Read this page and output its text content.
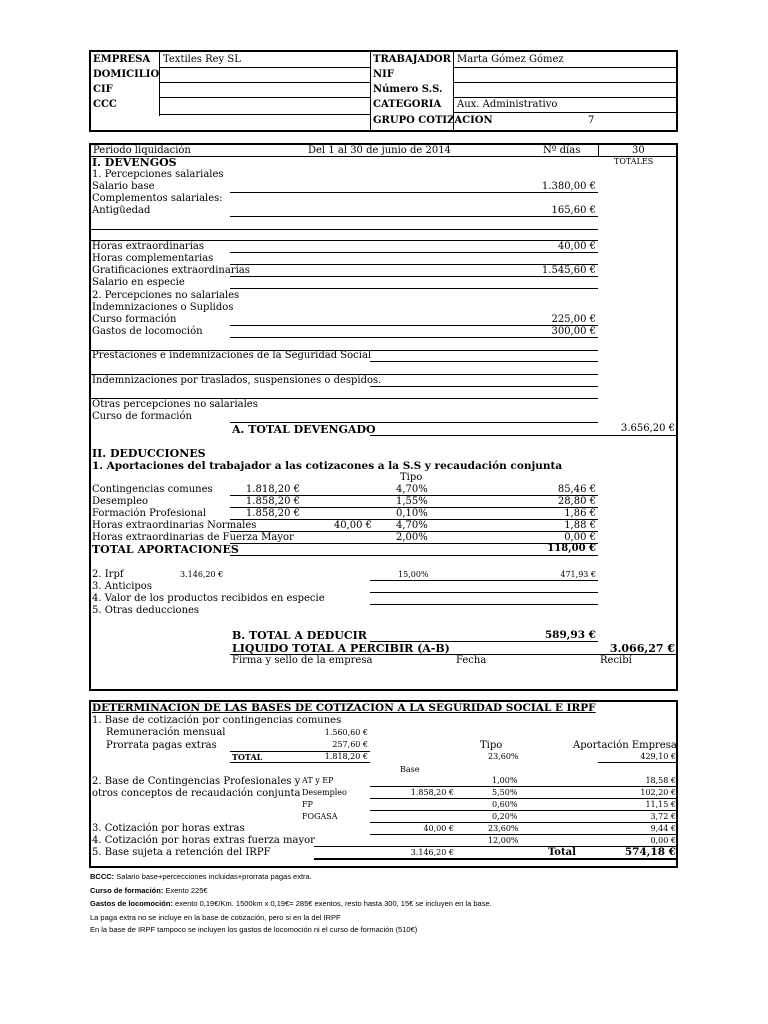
EMPRESA Textiles Rey SL
DOMICILIO
CIF
CCC
TRABAJADOR Marta Gómez Gómez
NIF
Número S.S.
CATEGORIA Aux. Administrativo
GRUPO COTIZACION	7
Periodo liquidación	Del 1 al 30 de junio de 2014	Nº días	30
TOTALES
I. DEVENGOS
1. Percepciones salariales
Salario base	1.380,00 €
Complementos salariales:
Antigüedad	165,60 €
Horas extraordinarias	40,00 €
Horas complementarias
Gratificaciones extraordinarias	1.545,60 €
Salario en especie
2. Percepciones no salariales
Indemnizaciones o Suplidos
Curso formación	225,00 €
Gastos de locomoción	300,00 €
Prestaciones e indemnizaciones de la Seguridad Social
Indemnizaciones por traslados, suspensiones o despidos.
Otras percepciones no salariales
Curso de formación
A. TOTAL DEVENGADO	3.656,20 €
II. DEDUCCIONES
1. Aportaciones del trabajador a las cotizacones a la S.S y recaudación conjunta
Tipo
Contingencias comunes	1.818,20 €	4,70%	85,46 €
Desempleo	1.858,20 €	1,55%	28,80 €
Formación Profesional	1.858,20 €	0,10%	1,86 €
Horas extraordinarias Normales	40,00 € 4,70%	1,88 €
Horas extraordinarias de Fuerza Mayor	2,00%	0,00 €
TOTAL APORTACIONES	118,00 €
2. Irpf	3.146,20 €	15,00%	471,93 €
3. Anticipos
4. Valor de los productos recibidos en especie
5. Otras deducciones
B. TOTAL A DEDUCIR	589,93 €
LIQUIDO TOTAL A PERCIBIR (A-B)	3.066,27 €
Firma y sello de la empresa	Fecha	Recibí
DETERMINACION DE LAS BASES DE COTIZACION A LA SEGURIDAD SOCIAL E IRPF
1. Base de cotización por contingencias comunes
Remuneración mensual	1.560,60 €
Prorrata pagas extras	257,60 €	Tipo	Aportación Empresa
TOTAL	1.818,20 €	23,60%	429,10 €
Base
2. Base de Contingencias Profesionales y
otros conceptos de recaudación conjunta
AT y EP	1,00%	18,58 €
Desempleo	1.858,20 €	5,50%	102,20 €
FP	0,60%	11,15 €
FOGASA	0,20%	3,72 €
3. Cotización por horas extras	40,00 €	23,60%	9,44 €
4. Cotización por horas extras fuerza mayor	12,00%	0,00 €
5. Base sujeta a retención del IRPF	3.146,20 €	Total	574,18 €
BCCC: Salario base+percecciones incluidas+prorrata pagas extra.
Curso de formación: Exento 225€
Gastos de locomoción: exento 0,19€/Km. 1500km x 0,19€= 285€ exentos, resto hasta 300, 15€ se incluyen en la base.
La paga extra no se incluye en la base de cotización, pero si en la del IRPF
En la base de IRPF tampoco se incluyen los gastos de locomoción ni el curso de formación (510€)
